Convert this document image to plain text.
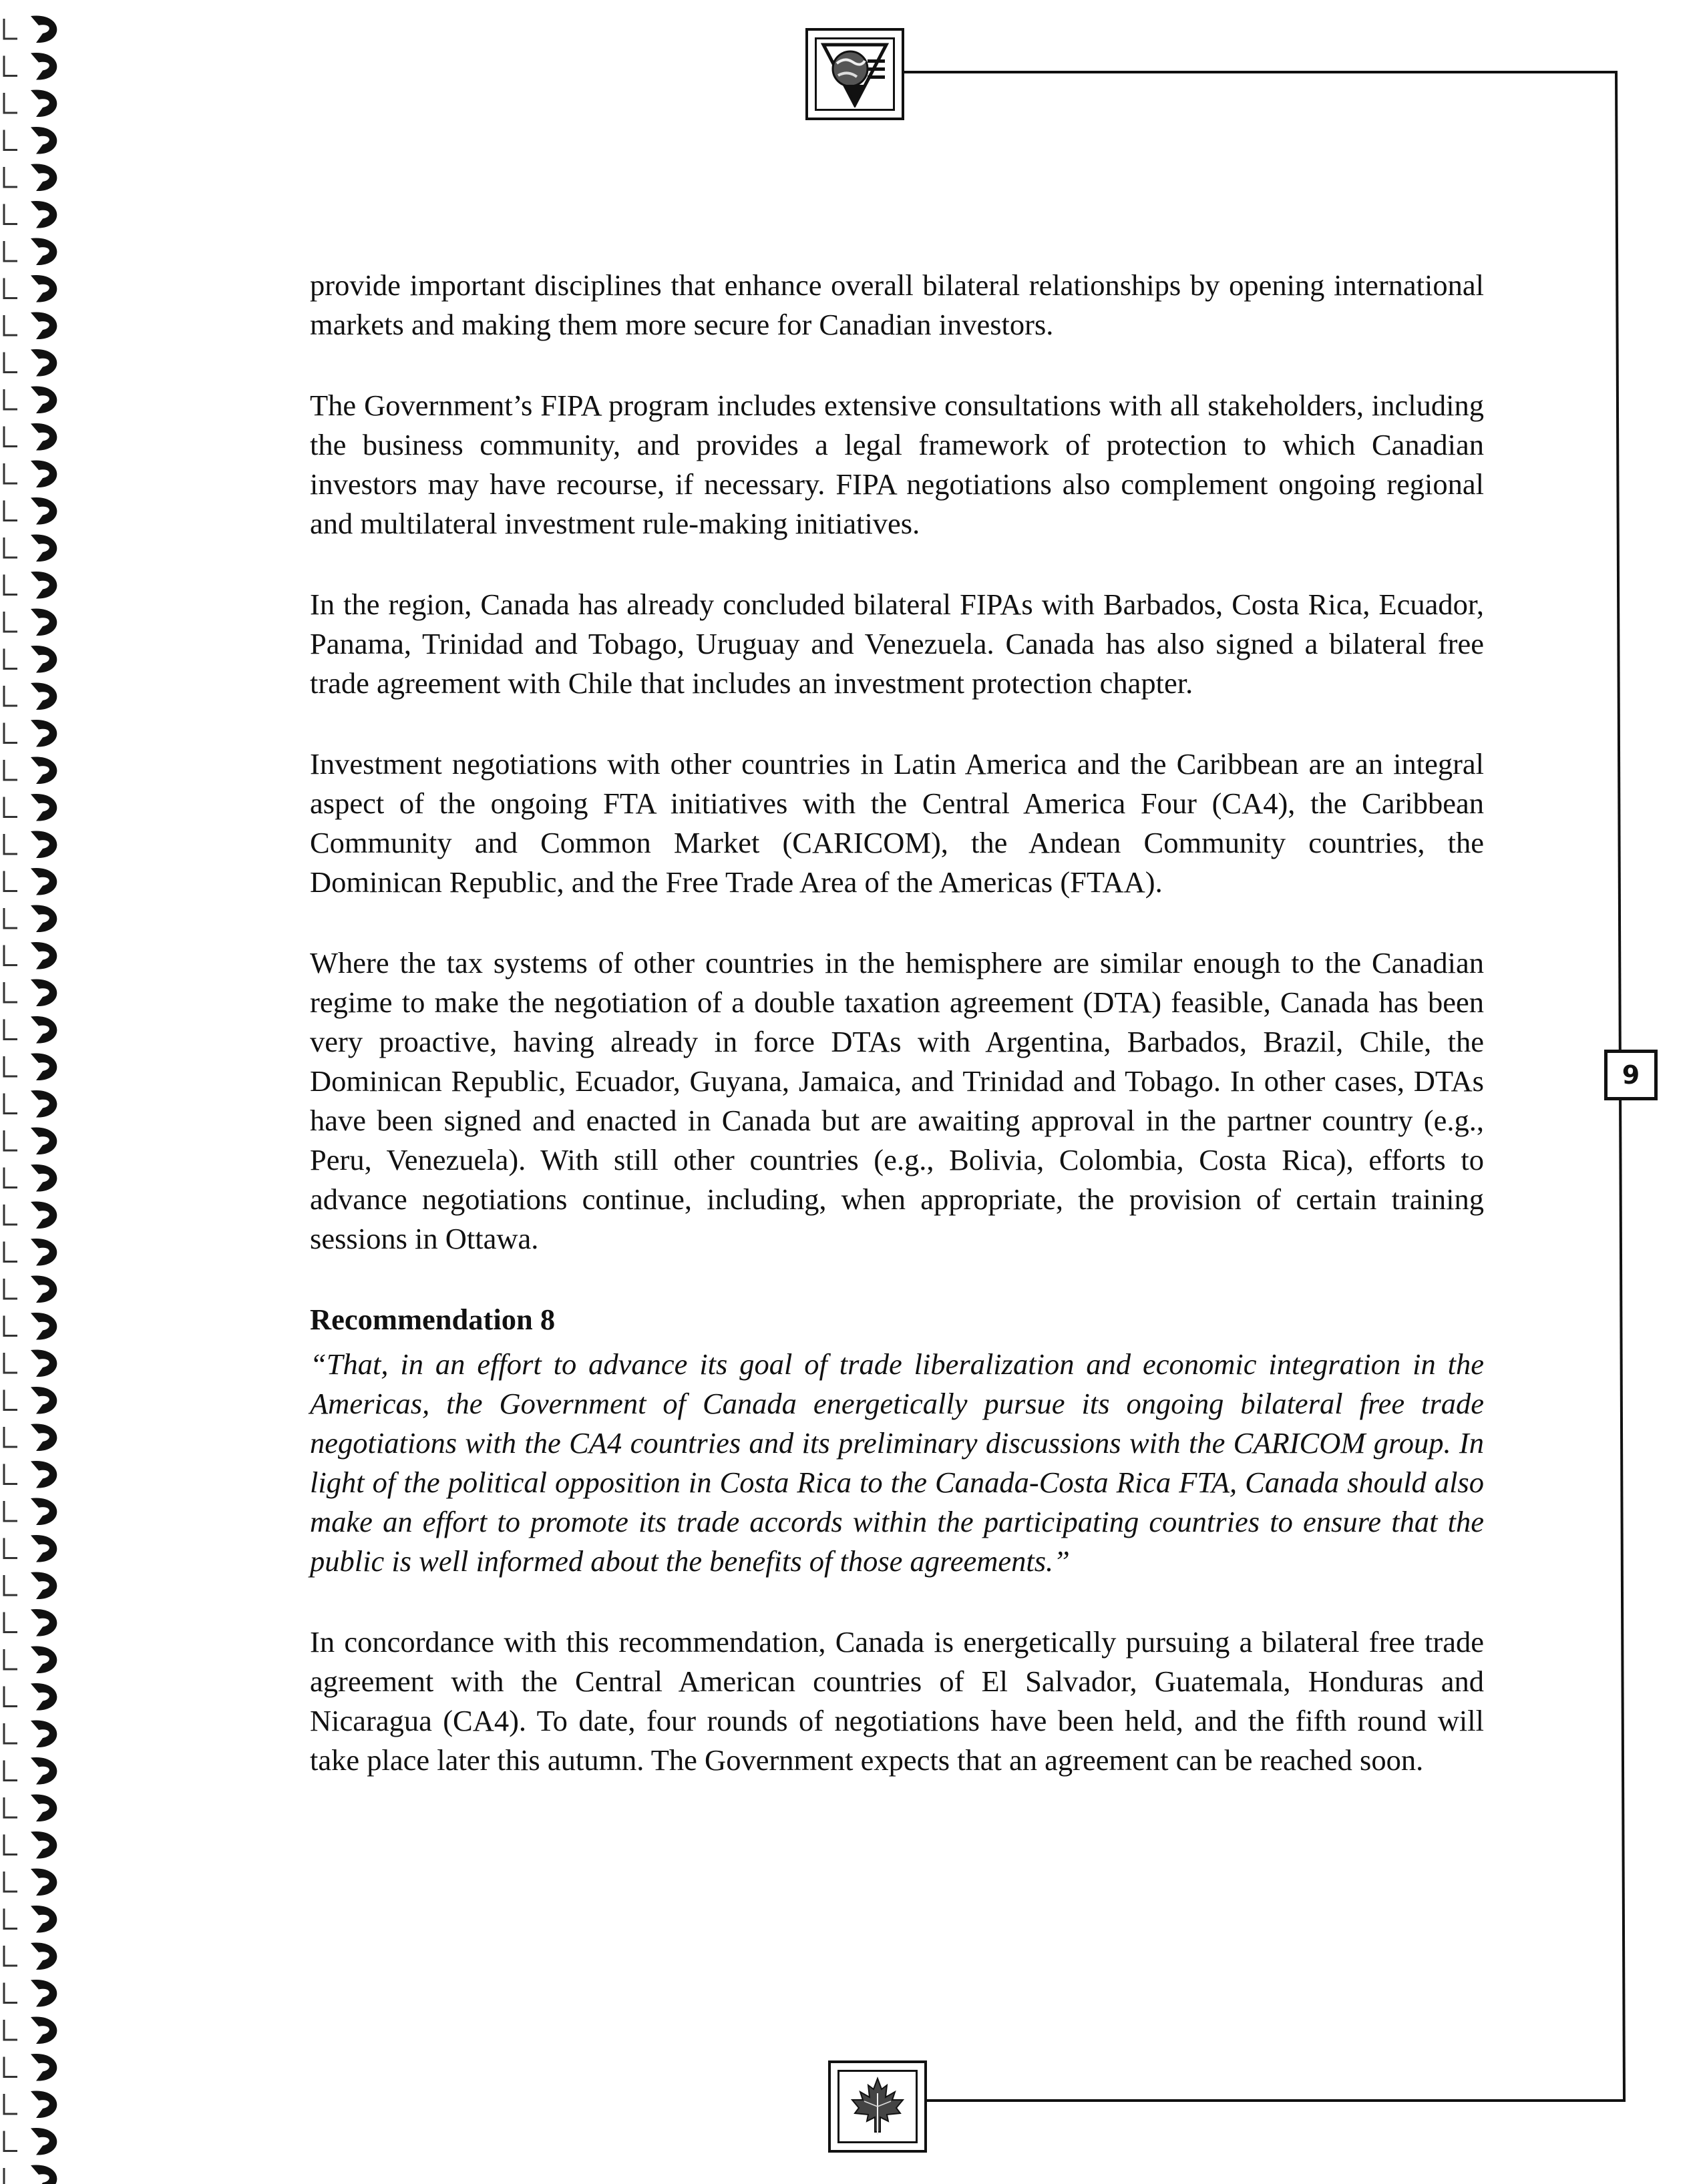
9

provide important disciplines that enhance overall bilateral relationships by opening international markets and making them more secure for Canadian investors.

The Government’s FIPA program includes extensive consultations with all stakeholders, including the business community, and provides a legal framework of protection to which Canadian investors may have recourse, if necessary. FIPA negotiations also complement ongoing regional and multilateral investment rule-making initiatives.

In the region, Canada has already concluded bilateral FIPAs with Barbados, Costa Rica, Ecuador, Panama, Trinidad and Tobago, Uruguay and Venezuela. Canada has also signed a bilateral free trade agreement with Chile that includes an investment protection chapter.

Investment negotiations with other countries in Latin America and the Caribbean are an integral aspect of the ongoing FTA initiatives with the Central America Four (CA4), the Caribbean Community and Common Market (CARICOM), the Andean Community countries, the Dominican Republic, and the Free Trade Area of the Americas (FTAA).

Where the tax systems of other countries in the hemisphere are similar enough to the Canadian regime to make the negotiation of a double taxation agreement (DTA) feasible, Canada has been very proactive, having already in force DTAs with Argentina, Barbados, Brazil, Chile, the Dominican Republic, Ecuador, Guyana, Jamaica, and Trinidad and Tobago. In other cases, DTAs have been signed and enacted in Canada but are awaiting approval in the partner country (e.g., Peru, Venezuela). With still other countries (e.g., Bolivia, Colombia, Costa Rica), efforts to advance negotiations continue, including, when appropriate, the provision of certain training sessions in Ottawa.

Recommendation 8

“That, in an effort to advance its goal of trade liberalization and economic integration in the Americas, the Government of Canada energetically pursue its ongoing bilateral free trade negotiations with the CA4 countries and its preliminary discussions with the CARICOM group. In light of the political opposition in Costa Rica to the Canada-Costa Rica FTA, Canada should also make an effort to promote its trade accords within the participating countries to ensure that the public is well informed about the benefits of those agreements.”

In concordance with this recommendation, Canada is energetically pursuing a bilateral free trade agreement with the Central American countries of El Salvador, Guatemala, Honduras and Nicaragua (CA4). To date, four rounds of negotiations have been held, and the fifth round will take place later this autumn. The Government expects that an agreement can be reached soon.
